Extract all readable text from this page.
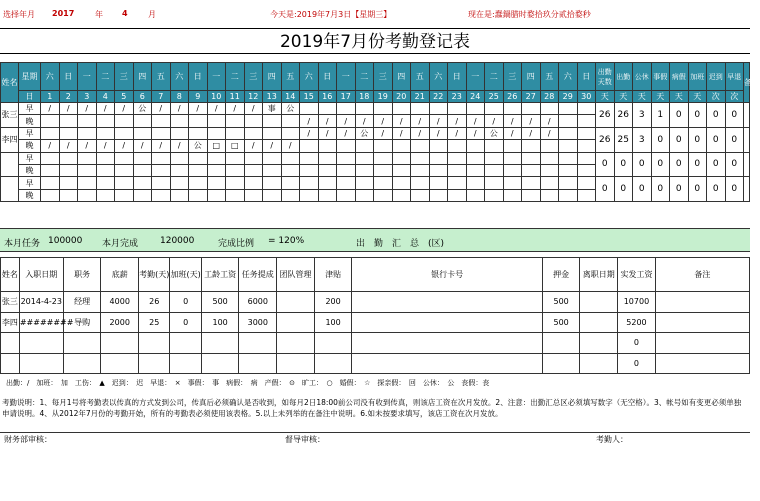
选择年月 2017	年 4	月	今天是:2019年7月3日【星期三】	现在是:蠢鍋腊时婺拾玖分贰拾婺秒
2019年7月份考勤登记表
姓名	星期	六	日	一	二	三	四	五	六	日	一	二	三	四	五	六	日	一	二	三	四	五	六	日	一	二	三	四	五	六	日	出勤天数	出勤	公休	事假	病假	加班	迟到	早退	备注
	日	1	2	3	4	5	6	7	8	9	10	11	12	13	14	15	16	17	18	19	20	21	22	23	24	25	26	27	28	29	30	天	天	天	天	天	天	次	次	
张三	早	/	/	/	/	/	公	/	/	/	/	/	/	事	公																	26	26	3	1	0	0	0	0	
	晚															/	/	/	/	/	/	/	/	/	/	/	/	/	/											
李四	早															/	/	/	公	/	/	/	/	/	/	公	/	/	/			26	25	3	0	0	0	0	0	
	晚	/	/	/	/	/	/	/	/	公	□	□	/	/	/																									
	早																															0	0	0	0	0	0	0	0	
	晚																																							
	早																															0	0	0	0	0	0	0	0	
	晚																																							
本月任务 100000 本月完成 120000	完成比例 = 120%	出　勤　汇　总　(区)
姓名	入职日期	职务	底薪	考勤(天)	加班(天)	工龄工资	任务提成	团队管理	津贴	银行卡号	押金	离职日期	实发工资	备注
张三	2014-4-23	经理	4000	26	0	500	6000		200		500		10700	
李四	########	导购	2000	25	0	100	3000		100		500		5200	
													0	
													0	
出勤：/　加班：　加　工伤：　▲　迟到：　迟　早退：　×　事假：　事　病假：　病　产假：　⊙　旷工：　○　婚假：　☆　探亲假：　回　公休：　公　丧假：丧
考勤说明：1、每月1号将考勤表以传真的方式发到公司，传真后必须确认是否收到，如每月2日18:00前公司没有收到传真，则该店工资在次月发放。2、注意：出勤汇总区必须填写数字（无空格）。3、帐号如有变更必须单独申请说明。4、从2012年7月份的考勤开始，所有的考勤表必须使用该表格。5.以上未列举的在备注中说明。6.如未按要求填写，该店工资在次月发放。
财务部审核：	督导审核：	考勤人：
